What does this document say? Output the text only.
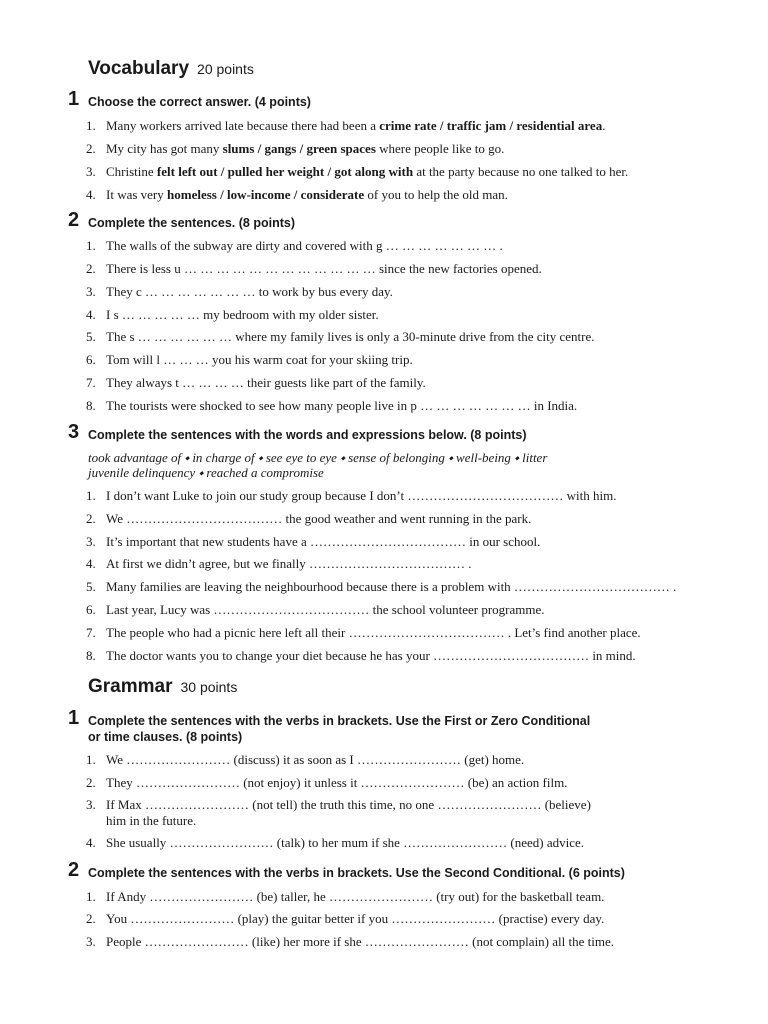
Vocabulary 20 points
1 Choose the correct answer. (4 points)
1. Many workers arrived late because there had been a crime rate / traffic jam / residential area.
2. My city has got many slums / gangs / green spaces where people like to go.
3. Christine felt left out / pulled her weight / got along with at the party because no one talked to her.
4. It was very homeless / low-income / considerate of you to help the old man.
2 Complete the sentences. (8 points)
1. The walls of the subway are dirty and covered with g … … … … … … … .
2. There is less u … … … … … … … … … … … … since the new factories opened.
3. They c … … … … … … … to work by bus every day.
4. I s … … … … … my bedroom with my older sister.
5. The s … … … … … … where my family lives is only a 30-minute drive from the city centre.
6. Tom will l … … … you his warm coat for your skiing trip.
7. They always t … … … … their guests like part of the family.
8. The tourists were shocked to see how many people live in p … … … … … … … in India.
3 Complete the sentences with the words and expressions below. (8 points)
took advantage of ⬩ in charge of ⬩ see eye to eye ⬩ sense of belonging ⬩ well-being ⬩ litter
juvenile delinquency ⬩ reached a compromise
1. I don’t want Luke to join our study group because I don’t ……………………………… with him.
2. We ……………………………… the good weather and went running in the park.
3. It’s important that new students have a ……………………………… in our school.
4. At first we didn’t agree, but we finally ……………………………… .
5. Many families are leaving the neighbourhood because there is a problem with ……………………………… .
6. Last year, Lucy was ……………………………… the school volunteer programme.
7. The people who had a picnic here left all their ……………………………… . Let’s find another place.
8. The doctor wants you to change your diet because he has your ……………………………… in mind.
Grammar 30 points
1 Complete the sentences with the verbs in brackets. Use the First or Zero Conditional
or time clauses. (8 points)
1. We …………………… (discuss) it as soon as I …………………… (get) home.
2. They …………………… (not enjoy) it unless it …………………… (be) an action film.
3. If Max …………………… (not tell) the truth this time, no one …………………… (believe)
him in the future.
4. She usually …………………… (talk) to her mum if she …………………… (need) advice.
2 Complete the sentences with the verbs in brackets. Use the Second Conditional. (6 points)
1. If Andy …………………… (be) taller, he …………………… (try out) for the basketball team.
2. You …………………… (play) the guitar better if you …………………… (practise) every day.
3. People …………………… (like) her more if she …………………… (not complain) all the time.
